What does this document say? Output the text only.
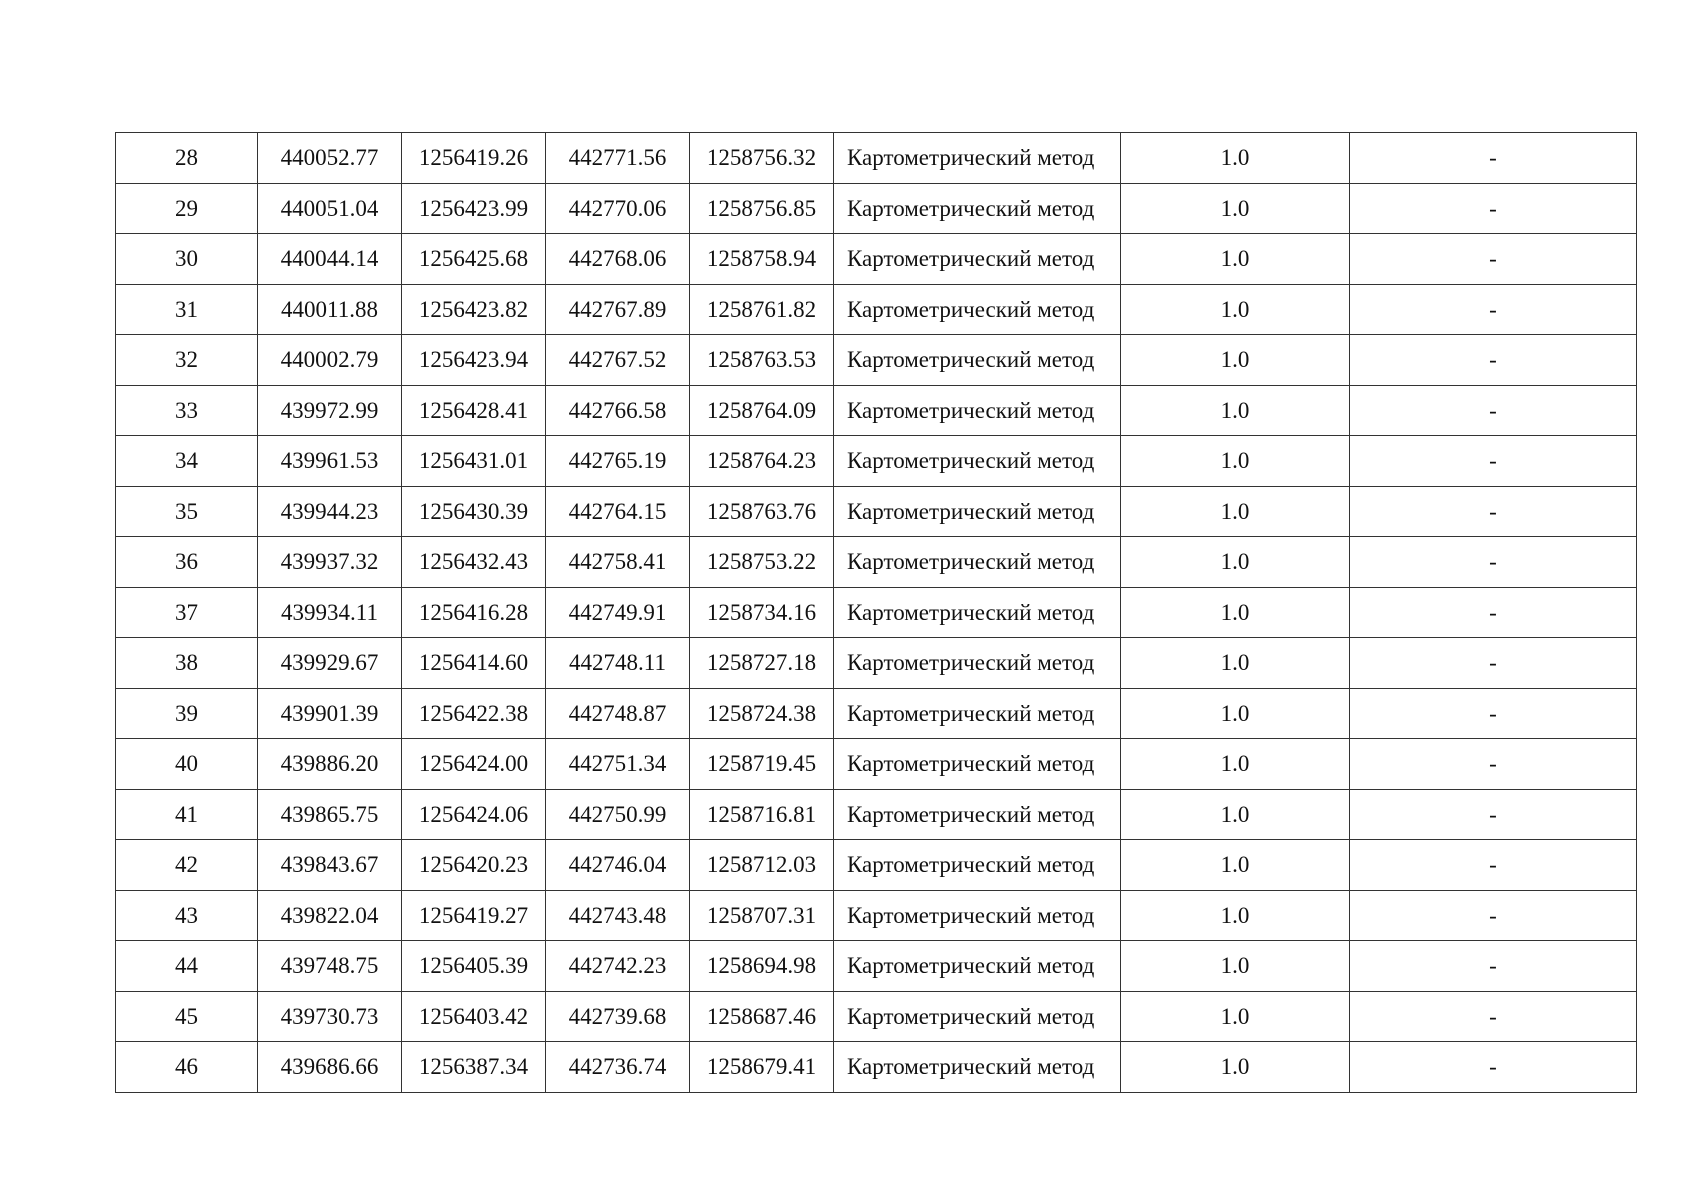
28	440052.77	1256419.26	442771.56	1258756.32	Картометрический метод	1.0	-
29	440051.04	1256423.99	442770.06	1258756.85	Картометрический метод	1.0	-
30	440044.14	1256425.68	442768.06	1258758.94	Картометрический метод	1.0	-
31	440011.88	1256423.82	442767.89	1258761.82	Картометрический метод	1.0	-
32	440002.79	1256423.94	442767.52	1258763.53	Картометрический метод	1.0	-
33	439972.99	1256428.41	442766.58	1258764.09	Картометрический метод	1.0	-
34	439961.53	1256431.01	442765.19	1258764.23	Картометрический метод	1.0	-
35	439944.23	1256430.39	442764.15	1258763.76	Картометрический метод	1.0	-
36	439937.32	1256432.43	442758.41	1258753.22	Картометрический метод	1.0	-
37	439934.11	1256416.28	442749.91	1258734.16	Картометрический метод	1.0	-
38	439929.67	1256414.60	442748.11	1258727.18	Картометрический метод	1.0	-
39	439901.39	1256422.38	442748.87	1258724.38	Картометрический метод	1.0	-
40	439886.20	1256424.00	442751.34	1258719.45	Картометрический метод	1.0	-
41	439865.75	1256424.06	442750.99	1258716.81	Картометрический метод	1.0	-
42	439843.67	1256420.23	442746.04	1258712.03	Картометрический метод	1.0	-
43	439822.04	1256419.27	442743.48	1258707.31	Картометрический метод	1.0	-
44	439748.75	1256405.39	442742.23	1258694.98	Картометрический метод	1.0	-
45	439730.73	1256403.42	442739.68	1258687.46	Картометрический метод	1.0	-
46	439686.66	1256387.34	442736.74	1258679.41	Картометрический метод	1.0	-
